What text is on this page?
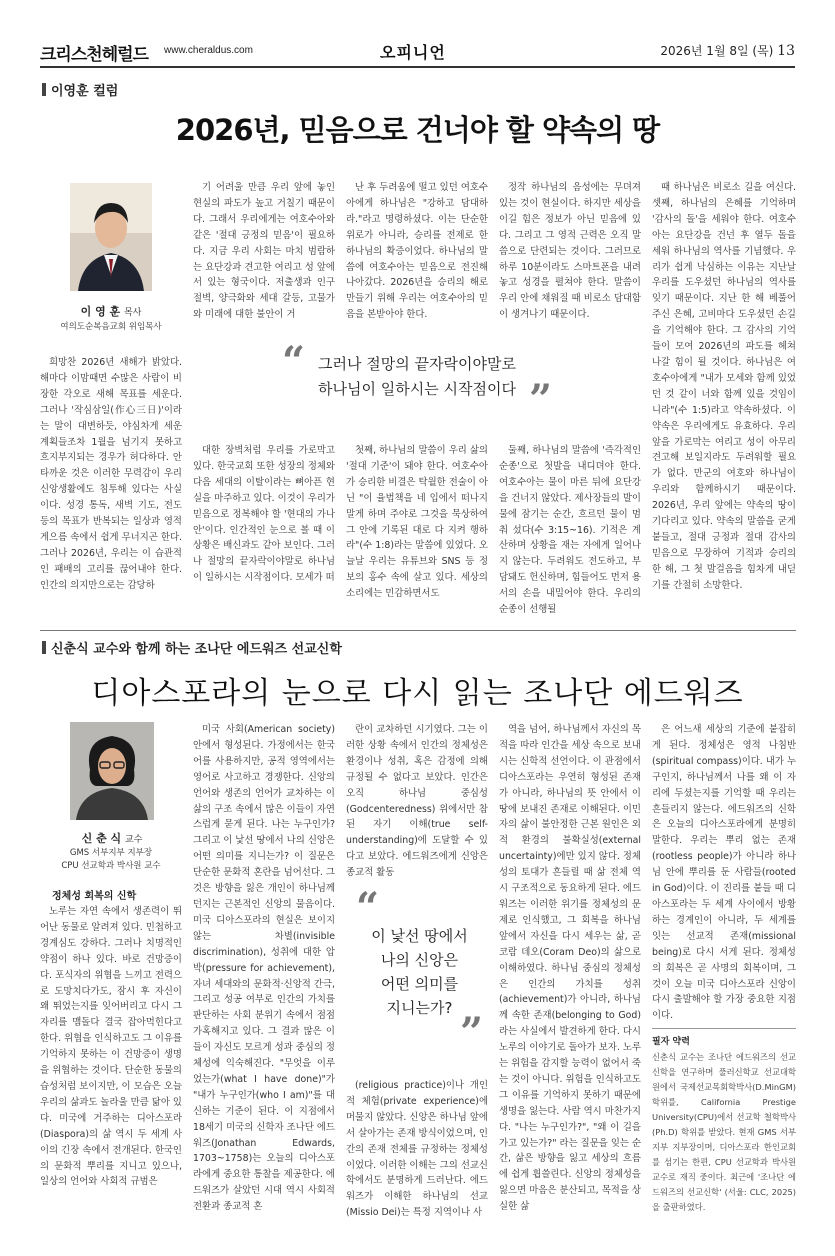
크리스천헤럴드 www.cheraldus.com	오피니언	2026년 1월 8일 (목) 13
이영훈 컬럼
2026년, 믿음으로 건너야 할 약속의 땅
이 영 훈 목사
여의도순복음교회 위임목사

희망찬 2026년 새해가 밝았다. 해마다 이맘때면 수많은 사람이 비장한 각오로 새해 목표를 세운다. 그러나 '작심삼일(作心三日)'이라는 말이 대변하듯, 야심차게 세운 계획들조차 1월을 넘기지 못하고 흐지부지되는 경우가 허다하다. 안타까운 것은 이러한 무력감이 우리 신앙생활에도 침투해 있다는 사실이다. 성경 통독, 새벽 기도, 전도 등의 목표가 반복되는 일상과 영적 게으름 속에서 쉽게 무너지곤 한다. 그러나 2026년, 우리는 이 습관적인 패배의 고리를 끊어내야 한다. 인간의 의지만으로는 감당하

기 어려울 만큼 우리 앞에 놓인 현실의 파도가 높고 거칠기 때문이다. 그래서 우리에게는 여호수아와 같은 '절대 긍정의 믿음'이 필요하다. 지금 우리 사회는 마치 범람하는 요단강과 견고한 여리고 성 앞에 서 있는 형국이다. 저출생과 인구 절벽, 양극화와 세대 갈등, 고물가와 미래에 대한 불안이 거

난 후 두려움에 떨고 있던 여호수아에게 하나님은 "강하고 담대하라."라고 명령하셨다. 이는 단순한 위로가 아니라, 승리를 전제로 한 하나님의 확증이었다. 하나님의 말씀에 여호수아는 믿음으로 전진해 나아갔다. 2026년을 승리의 해로 만들기 위해 우리는 여호수아의 믿음을 본받아야 한다.

정작 하나님의 음성에는 무뎌져 있는 것이 현실이다. 하지만 세상을 이길 힘은 정보가 아닌 믿음에 있다. 그리고 그 영적 근력은 오직 말씀으로 단련되는 것이다. 그러므로 하루 10분이라도 스마트폰을 내려놓고 성경을 펼쳐야 한다. 말씀이 우리 안에 채워질 때 비로소 담대함이 생겨나기 때문이다.

“ 그러나 절망의 끝자락이야말로
하나님이 일하시는 시작점이다 ”

대한 장벽처럼 우리를 가로막고 있다. 한국교회 또한 성장의 정체와 다음 세대의 이탈이라는 뼈아픈 현실을 마주하고 있다. 이것이 우리가 믿음으로 정복해야 할 '현대의 가나안'이다. 인간적인 눈으로 볼 때 이 상황은 배신과도 같아 보인다. 그러나 절망의 끝자락이야말로 하나님이 일하시는 시작점이다. 모세가 떠

첫째, 하나님의 말씀이 우리 삶의 '절대 기준'이 돼야 한다. 여호수아가 승리한 비결은 탁월한 전술이 아닌 "이 율법책을 네 입에서 떠나지 말게 하며 주야로 그것을 묵상하여 그 안에 기록된 대로 다 지켜 행하라"(수 1:8)라는 말씀에 있었다. 오늘날 우리는 유튜브와 SNS 등 정보의 홍수 속에 살고 있다. 세상의 소리에는 민감하면서도

둘째, 하나님의 말씀에 '즉각적인 순종'으로 첫발을 내디뎌야 한다. 여호수아는 물이 마른 뒤에 요단강을 건너지 않았다. 제사장들의 발이 물에 잠기는 순간, 흐르던 물이 멈춰 섰다(수 3:15~16). 기적은 계산하며 상황을 재는 자에게 일어나지 않는다. 두려워도 전도하고, 부담돼도 헌신하며, 힘들어도 먼저 용서의 손을 내밀어야 한다. 우리의 순종이 선행될

때 하나님은 비로소 길을 여신다. 셋째, 하나님의 은혜를 기억하며 '감사의 돌'을 세워야 한다. 여호수아는 요단강을 건넌 후 열두 돌을 세워 하나님의 역사를 기념했다. 우리가 쉽게 낙심하는 이유는 지난날 우리를 도우셨던 하나님의 역사를 잊기 때문이다. 지난 한 해 베풀어 주신 은혜, 고비마다 도우셨던 손길을 기억해야 한다. 그 감사의 기억들이 모여 2026년의 파도를 헤쳐 나갈 힘이 될 것이다. 하나님은 여호수아에게 "내가 모세와 함께 있었던 것 같이 너와 함께 있을 것임이니라"(수 1:5)라고 약속하셨다. 이 약속은 우리에게도 유효하다. 우리 앞을 가로막는 여리고 성이 아무리 견고해 보일지라도 두려워할 필요가 없다. 만군의 여호와 하나님이 우리와 함께하시기 때문이다. 2026년, 우리 앞에는 약속의 땅이 기다리고 있다. 약속의 말씀을 굳게 붙들고, 절대 긍정과 절대 감사의 믿음으로 무장하여 기적과 승리의 한 해, 그 첫 발걸음을 힘차게 내딛기를 간절히 소망한다.

신춘식 교수와 함께 하는 조나단 에드워즈 선교신학
디아스포라의 눈으로 다시 읽는 조나단 에드워즈
신 춘 식 교수
GMS 서부지부 지부장
CPU 선교학과 박사원 교수
정체성 회복의 신학

노루는 자연 속에서 생존력이 뛰어난 동물로 알려져 있다. 민첩하고 경계심도 강하다. 그러나 치명적인 약점이 하나 있다. 바로 건망증이다. 포식자의 위협을 느끼고 전력으로 도망치다가도, 잠시 후 자신이 왜 뛰었는지를 잊어버리고 다시 그 자리를 맴돌다 결국 잡아먹힌다고 한다. 위협을 인식하고도 그 이유를 기억하지 못하는 이 건망증이 생명을 위협하는 것이다. 단순한 동물의 습성처럼 보이지만, 이 모습은 오늘 우리의 삶과도 놀라울 만큼 닮아 있다. 미국에 거주하는 디아스포라(Diaspora)의 삶 역시 두 세계 사이의 긴장 속에서 전개된다. 한국인의 문화적 뿌리를 지니고 있으나, 일상의 언어와 사회적 규범은

미국 사회(American society) 안에서 형성된다. 가정에서는 한국어를 사용하지만, 공적 영역에서는 영어로 사고하고 경쟁한다. 신앙의 언어와 생존의 언어가 교차하는 이 삶의 구조 속에서 많은 이들이 자연스럽게 묻게 된다. 나는 누구인가? 그리고 이 낯선 땅에서 나의 신앙은 어떤 의미를 지니는가? 이 질문은 단순한 문화적 혼란을 넘어선다. 그것은 방향을 잃은 개인이 하나님께 던지는 근본적인 신앙의 물음이다. 미국 디아스포라의 현실은 보이지 않는 차별(invisible discrimination), 성취에 대한 압박(pressure for achievement), 자녀 세대와의 문화적·신앙적 간극, 그리고 성공 여부로 인간의 가치를 판단하는 사회 분위기 속에서 점점 가혹해지고 있다. 그 결과 많은 이들이 자신도 모르게 성과 중심의 정체성에 익숙해진다. "무엇을 이루었는가(what I have done)"가 "내가 누구인가(who I am)"를 대신하는 기준이 된다. 이 지점에서 18세기 미국의 신학자 조나단 에드워즈(Jonathan Edwards, 1703~1758)는 오늘의 디아스포라에게 중요한 통찰을 제공한다. 에드워즈가 살았던 시대 역시 사회적 전환과 종교적 혼

란이 교차하던 시기였다. 그는 이러한 상황 속에서 인간의 정체성은 환경이나 성취, 혹은 감정에 의해 규정될 수 없다고 보았다. 인간은 오직 하나님 중심성(Godcenteredness) 위에서만 참된 자기 이해(true self-understanding)에 도달할 수 있다고 보았다. 에드워즈에게 신앙은 종교적 활동

“
이 낯선 땅에서
나의 신앙은
어떤 의미를
지니는가?
”

(religious practice)이나 개인적 체험(private experience)에 머물지 않았다. 신앙은 하나님 앞에서 살아가는 존재 방식이었으며, 인간의 존재 전체를 규정하는 정체성이었다. 이러한 이해는 그의 선교신학에서도 분명하게 드러난다. 에드워즈가 이해한 하나님의 선교(Missio Dei)는 특정 지역이나 사

역을 넘어, 하나님께서 자신의 목적을 따라 인간을 세상 속으로 보내시는 신학적 선언이다. 이 관점에서 디아스포라는 우연히 형성된 존재가 아니라, 하나님의 뜻 안에서 이 땅에 보내진 존재로 이해된다. 이민자의 삶이 불안정한 근본 원인은 외적 환경의 불확실성(external uncertainty)에만 있지 않다. 정체성의 토대가 흔들릴 때 삶 전체 역시 구조적으로 동요하게 된다. 에드워즈는 이러한 위기를 정체성의 문제로 인식했고, 그 회복을 하나님 앞에서 자신을 다시 세우는 삶, 곧 코람 데오(Coram Deo)의 삶으로 이해하였다. 하나님 중심의 정체성은 인간의 가치를 성취(achievement)가 아니라, 하나님께 속한 존재(belonging to God)라는 사실에서 발견하게 한다. 다시 노루의 이야기로 돌아가 보자. 노루는 위험을 감지할 능력이 없어서 죽는 것이 아니다. 위험을 인식하고도 그 이유를 기억하지 못하기 때문에 생명을 잃는다. 사람 역시 마찬가지다. "나는 누구인가?", "왜 이 길을 가고 있는가?" 라는 질문을 잊는 순간, 삶은 방향을 잃고 세상의 흐름에 쉽게 휩쓸린다. 신앙의 정체성을 잃으면 마음은 분산되고, 목적을 상실한 삶

은 어느새 세상의 기준에 붙잡히게 된다. 정체성은 영적 나침반(spiritual compass)이다. 내가 누구인지, 하나님께서 나를 왜 이 자리에 두셨는지를 기억할 때 우리는 흔들리지 않는다. 에드워즈의 신학은 오늘의 디아스포라에게 분명히 말한다. 우리는 뿌리 없는 존재(rootless people)가 아니라 하나님 안에 뿌리를 둔 사람들(rooted in God)이다. 이 진리를 붙들 때 디아스포라는 두 세계 사이에서 방황하는 경계인이 아니라, 두 세계를 잇는 선교적 존재(missional being)로 다시 서게 된다. 정체성의 회복은 곧 사명의 회복이며, 그것이 오늘 미국 디아스포라 신앙이 다시 출발해야 할 가장 중요한 지점이다.

필자 약력
신춘식 교수는 조나단 에드워즈의 선교신학을 연구하며 풀러신학교 선교대학원에서 국제선교목회학박사(D.MinGM) 학위를, California Prestige University(CPU)에서 선교학 철학박사(Ph.D) 학위를 받았다. 현재 GMS 서부지부 지부장이며, 디아스포라 한인교회를 섬기는 한편, CPU 선교학과 박사원 교수로 재직 중이다. 최근에 '조나단 에드워즈의 선교신학' (서울: CLC, 2025)을 출판하였다.
